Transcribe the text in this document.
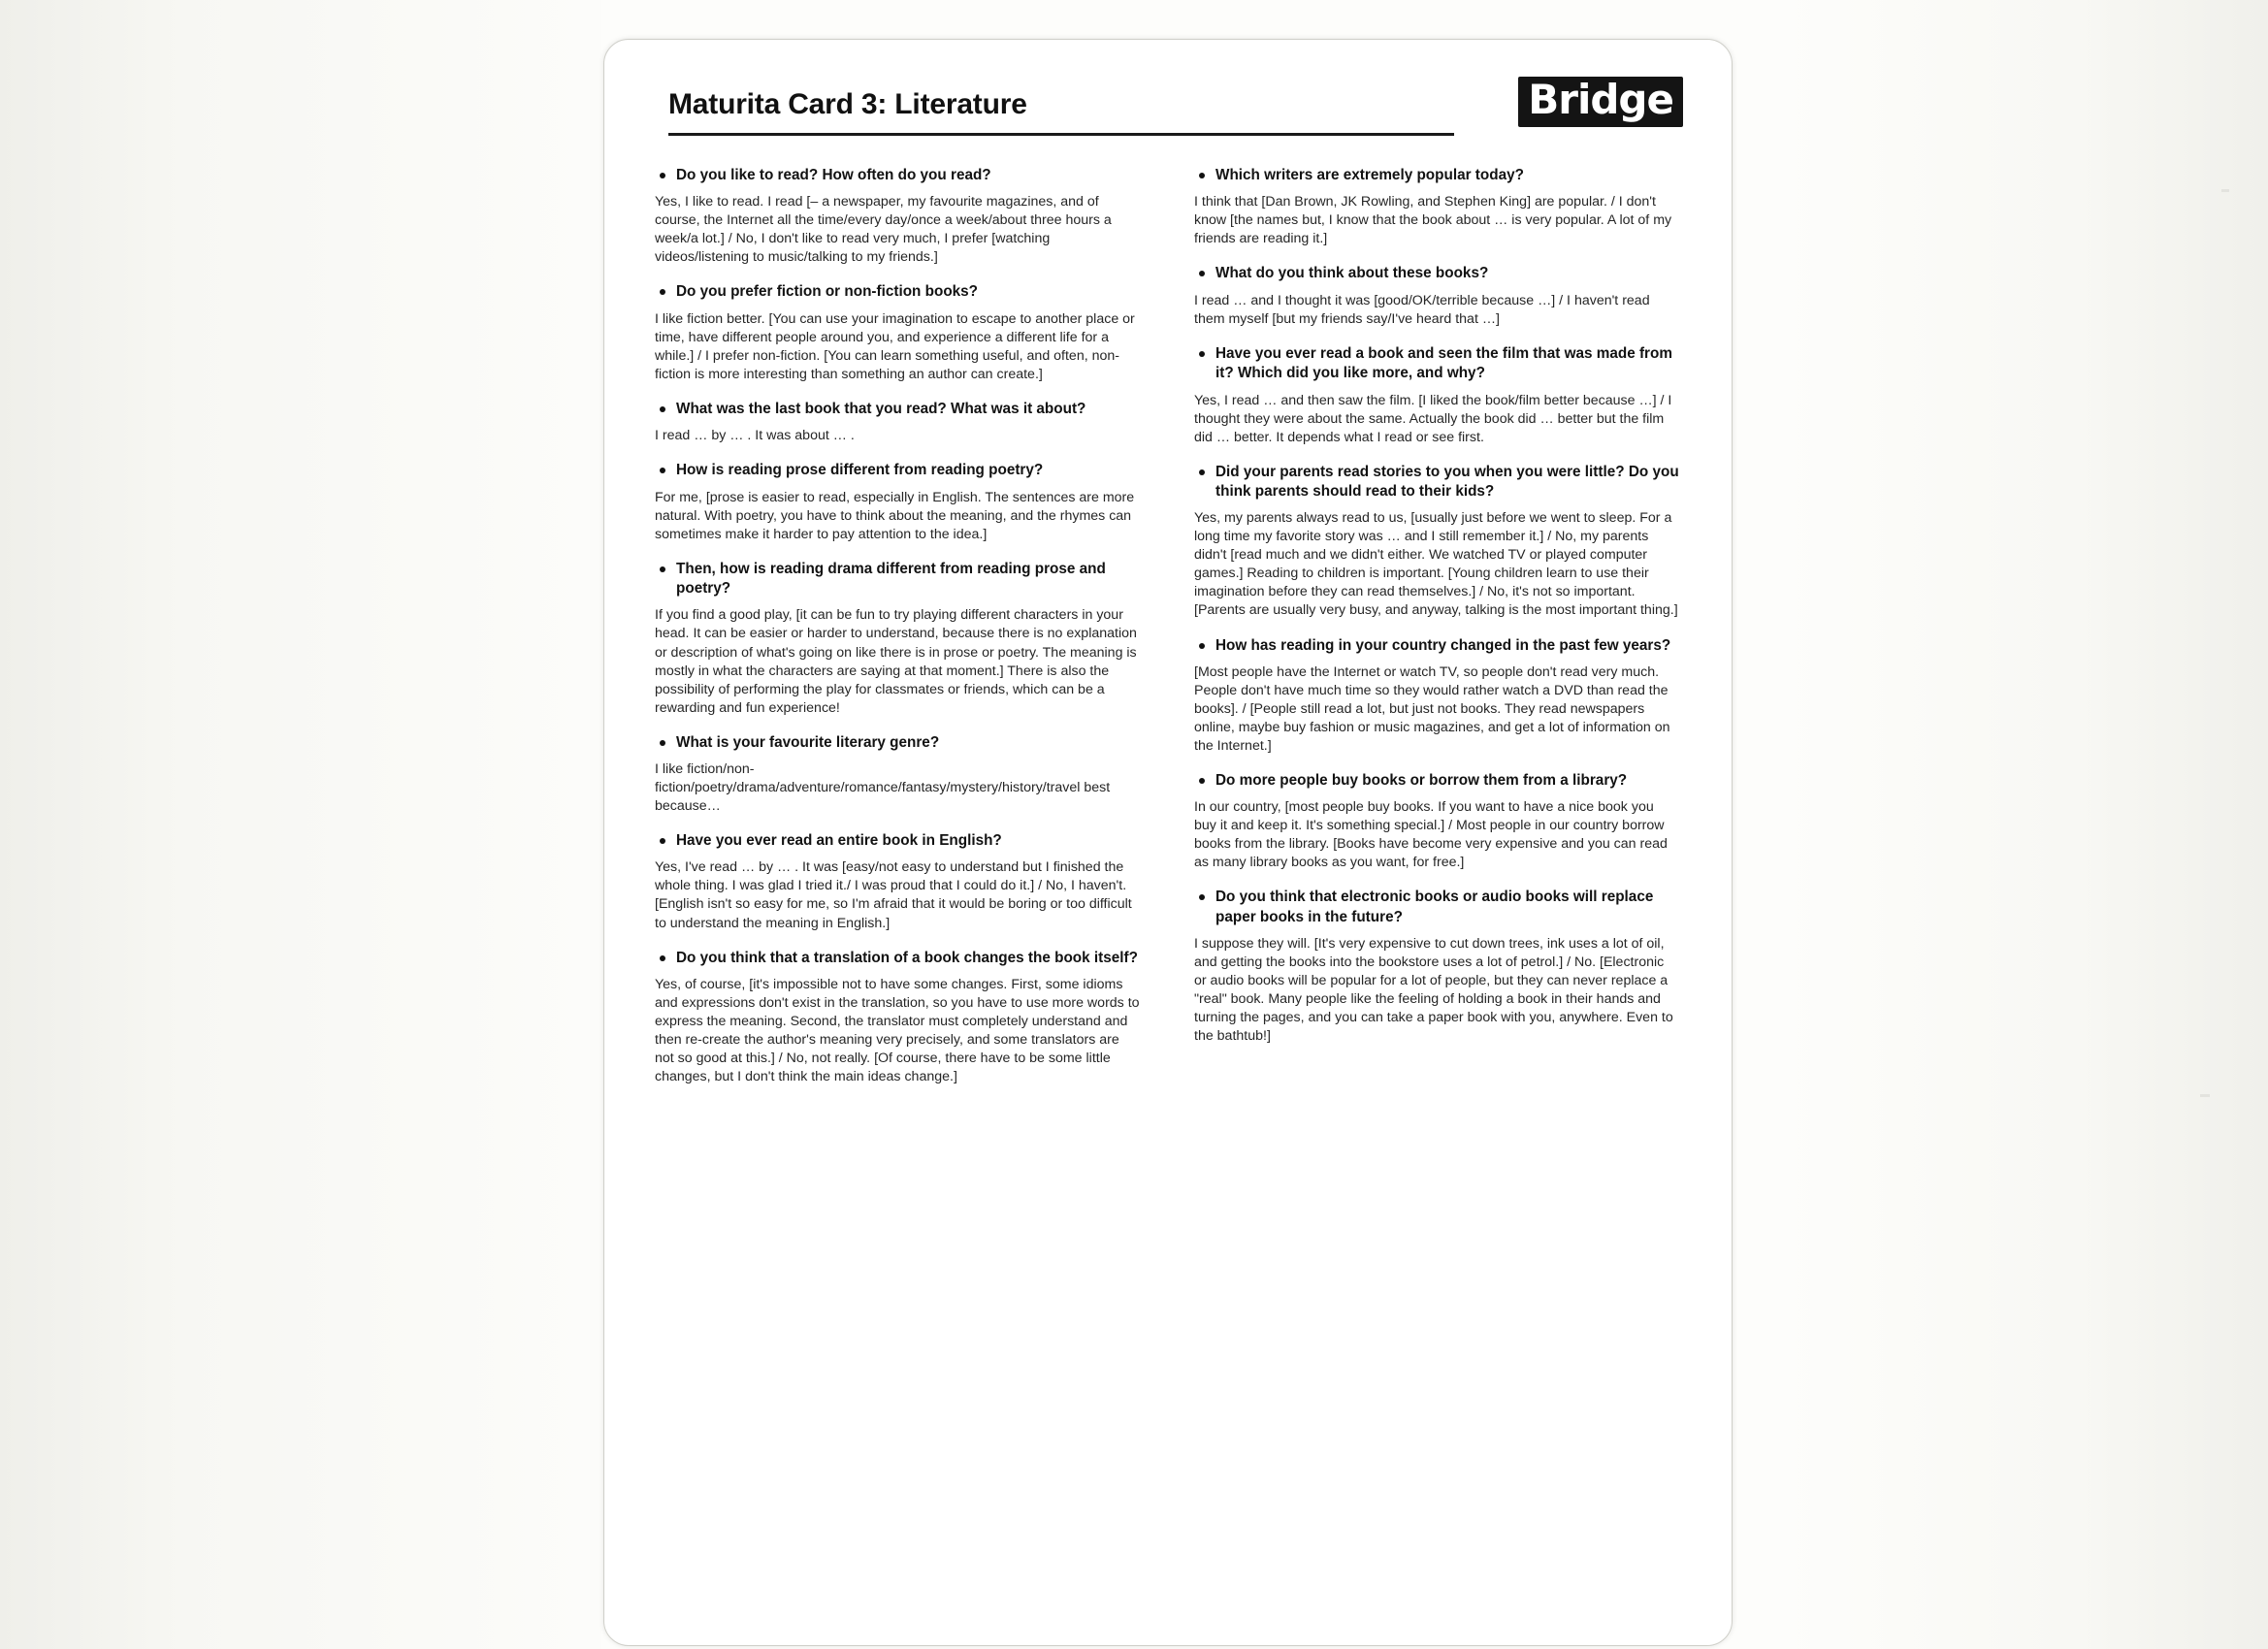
Maturita Card 3: Literature	Bridge
Do you like to read? How often do you read?
Yes, I like to read. I read [– a newspaper, my favourite magazines, and of course, the Internet all the time/every day/once a week/about three hours a week/a lot.] / No, I don't like to read very much, I prefer [watching videos/listening to music/talking to my friends.]
Do you prefer fiction or non-fiction books?
I like fiction better. [You can use your imagination to escape to another place or time, have different people around you, and experience a different life for a while.] / I prefer non-fiction. [You can learn something useful, and often, non-fiction is more interesting than something an author can create.]
What was the last book that you read? What was it about?
I read … by … . It was about … .
How is reading prose different from reading poetry?
For me, [prose is easier to read, especially in English. The sentences are more natural. With poetry, you have to think about the meaning, and the rhymes can sometimes make it harder to pay attention to the idea.]
Then, how is reading drama different from reading prose and poetry?
If you find a good play, [it can be fun to try playing different characters in your head. It can be easier or harder to understand, because there is no explanation or description of what's going on like there is in prose or poetry. The meaning is mostly in what the characters are saying at that moment.] There is also the possibility of performing the play for classmates or friends, which can be a rewarding and fun experience!
What is your favourite literary genre?
I like fiction/non-fiction/poetry/drama/adventure/romance/fantasy/mystery/history/travel best because…
Have you ever read an entire book in English?
Yes, I've read … by … . It was [easy/not easy to understand but I finished the whole thing. I was glad I tried it./ I was proud that I could do it.] / No, I haven't. [English isn't so easy for me, so I'm afraid that it would be boring or too difficult to understand the meaning in English.]
Do you think that a translation of a book changes the book itself?
Yes, of course, [it's impossible not to have some changes. First, some idioms and expressions don't exist in the translation, so you have to use more words to express the meaning. Second, the translator must completely understand and then re-create the author's meaning very precisely, and some translators are not so good at this.] / No, not really. [Of course, there have to be some little changes, but I don't think the main ideas change.]
Which writers are extremely popular today?
I think that [Dan Brown, JK Rowling, and Stephen King] are popular. / I don't know [the names but, I know that the book about … is very popular. A lot of my friends are reading it.]
What do you think about these books?
I read … and I thought it was [good/OK/terrible because …] / I haven't read them myself [but my friends say/I've heard that …]
Have you ever read a book and seen the film that was made from it? Which did you like more, and why?
Yes, I read … and then saw the film. [I liked the book/film better because …] / I thought they were about the same. Actually the book did … better but the film did … better. It depends what I read or see first.
Did your parents read stories to you when you were little? Do you think parents should read to their kids?
Yes, my parents always read to us, [usually just before we went to sleep. For a long time my favorite story was … and I still remember it.] / No, my parents didn't [read much and we didn't either. We watched TV or played computer games.] Reading to children is important. [Young children learn to use their imagination before they can read themselves.] / No, it's not so important. [Parents are usually very busy, and anyway, talking is the most important thing.]
How has reading in your country changed in the past few years?
[Most people have the Internet or watch TV, so people don't read very much. People don't have much time so they would rather watch a DVD than read the books]. / [People still read a lot, but just not books. They read newspapers online, maybe buy fashion or music magazines, and get a lot of information on the Internet.]
Do more people buy books or borrow them from a library?
In our country, [most people buy books. If you want to have a nice book you buy it and keep it. It's something special.] / Most people in our country borrow books from the library. [Books have become very expensive and you can read as many library books as you want, for free.]
Do you think that electronic books or audio books will replace paper books in the future?
I suppose they will. [It's very expensive to cut down trees, ink uses a lot of oil, and getting the books into the bookstore uses a lot of petrol.] / No. [Electronic or audio books will be popular for a lot of people, but they can never replace a "real" book. Many people like the feeling of holding a book in their hands and turning the pages, and you can take a paper book with you, anywhere. Even to the bathtub!]
